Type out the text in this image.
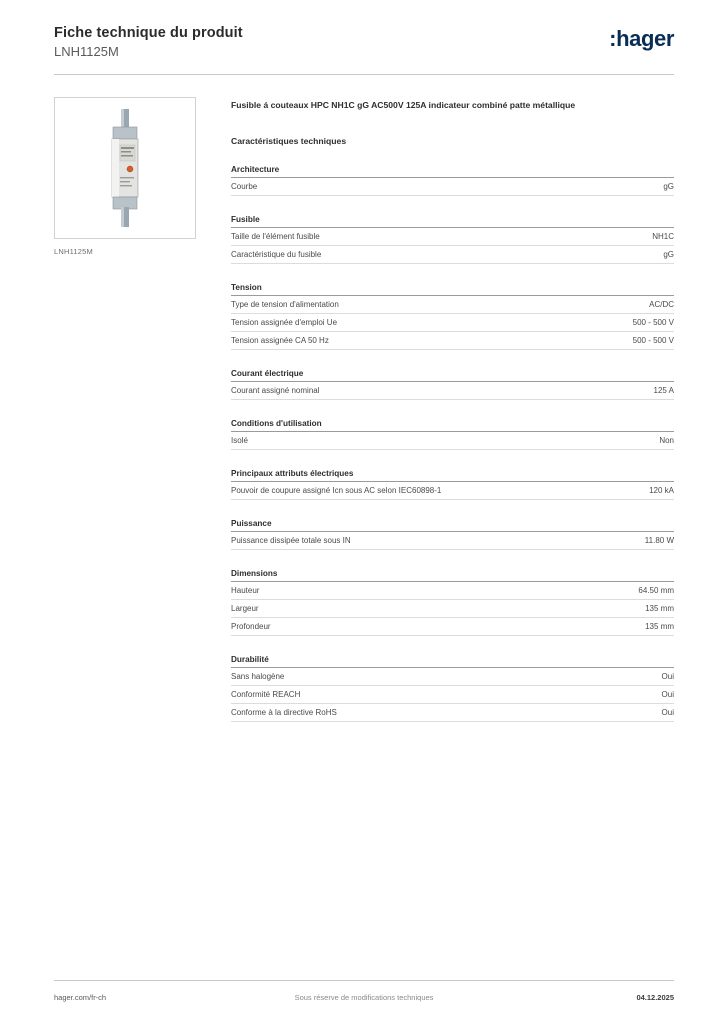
Fiche technique du produit
LNH1125M
:hager
LNH1125M
Fusible á couteaux HPC NH1C gG AC500V 125A indicateur combiné patte métallique
Caractéristiques techniques
Architecture
Courbe	gG
Fusible
Taille de l'élément fusible	NH1C
Caractéristique du fusible	gG
Tension
Type de tension d'alimentation	AC/DC
Tension assignée d'emploi Ue	500 - 500 V
Tension assignée CA 50 Hz	500 - 500 V
Courant électrique
Courant assigné nominal	125 A
Conditions d'utilisation
Isolé	Non
Principaux attributs électriques
Pouvoir de coupure assigné Icn sous AC selon IEC60898-1	120 kA
Puissance
Puissance dissipée totale sous IN	11.80 W
Dimensions
Hauteur	64.50 mm
Largeur	135 mm
Profondeur	135 mm
Durabilité
Sans halogène	Oui
Conformité REACH	Oui
Conforme à la directive RoHS	Oui
hager.com/fr-ch	Sous réserve de modifications techniques	04.12.2025
